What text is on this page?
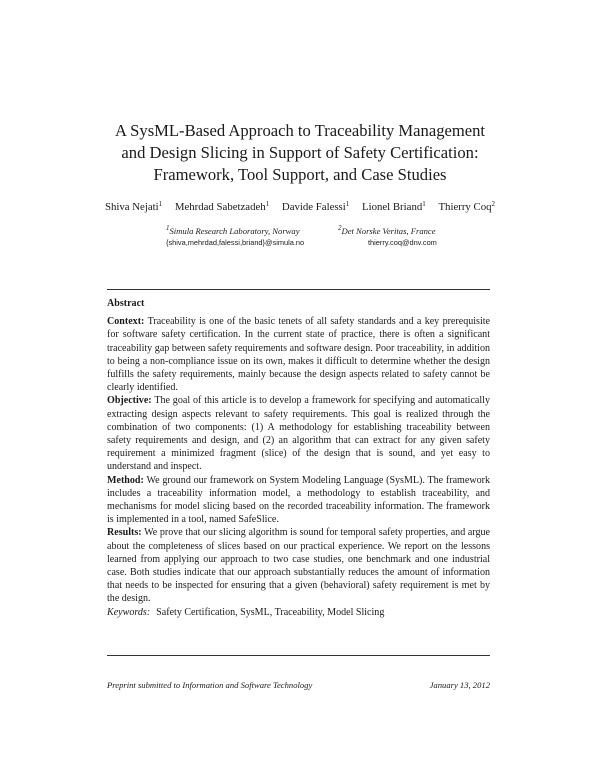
A SysML-Based Approach to Traceability Management
and Design Slicing in Support of Safety Certification:
Framework, Tool Support, and Case Studies
Shiva Nejati$^1$ Mehrdad Sabetzadeh$^1$ Davide Falessi$^1$ Lionel Briand$^1$ Thierry Coq$^2$
$^1$Simula Research Laboratory, Norway
{shiva,mehrdad,falessi,briand}@simula.no
$^2$Det Norske Veritas, France
thierry.coq@dnv.com
Abstract

Context: Traceability is one of the basic tenets of all safety standards and a key prerequisite for software safety certification. In the current state of practice, there is often a significant traceability gap between safety requirements and software design. Poor traceability, in addition to being a non-compliance issue on its own, makes it difficult to determine whether the design fulfills the safety requirements, mainly because the design aspects related to safety cannot be clearly identified.

Objective: The goal of this article is to develop a framework for specifying and automatically extracting design aspects relevant to safety requirements. This goal is realized through the combination of two components: (1) A methodology for establishing traceability between safety requirements and design, and (2) an algorithm that can extract for any given safety requirement a minimized fragment (slice) of the design that is sound, and yet easy to understand and inspect.

Method: We ground our framework on System Modeling Language (SysML). The framework includes a traceability information model, a methodology to establish traceability, and mechanisms for model slicing based on the recorded traceability information. The framework is implemented in a tool, named SafeSlice.

Results: We prove that our slicing algorithm is sound for temporal safety properties, and argue about the completeness of slices based on our practical experience. We report on the lessons learned from applying our approach to two case studies, one benchmark and one industrial case. Both studies indicate that our approach substantially reduces the amount of information that needs to be inspected for ensuring that a given (behavioral) safety requirement is met by the design.

Keywords: Safety Certification, SysML, Traceability, Model Slicing

Preprint submitted to Information and Software Technology	January 13, 2012
